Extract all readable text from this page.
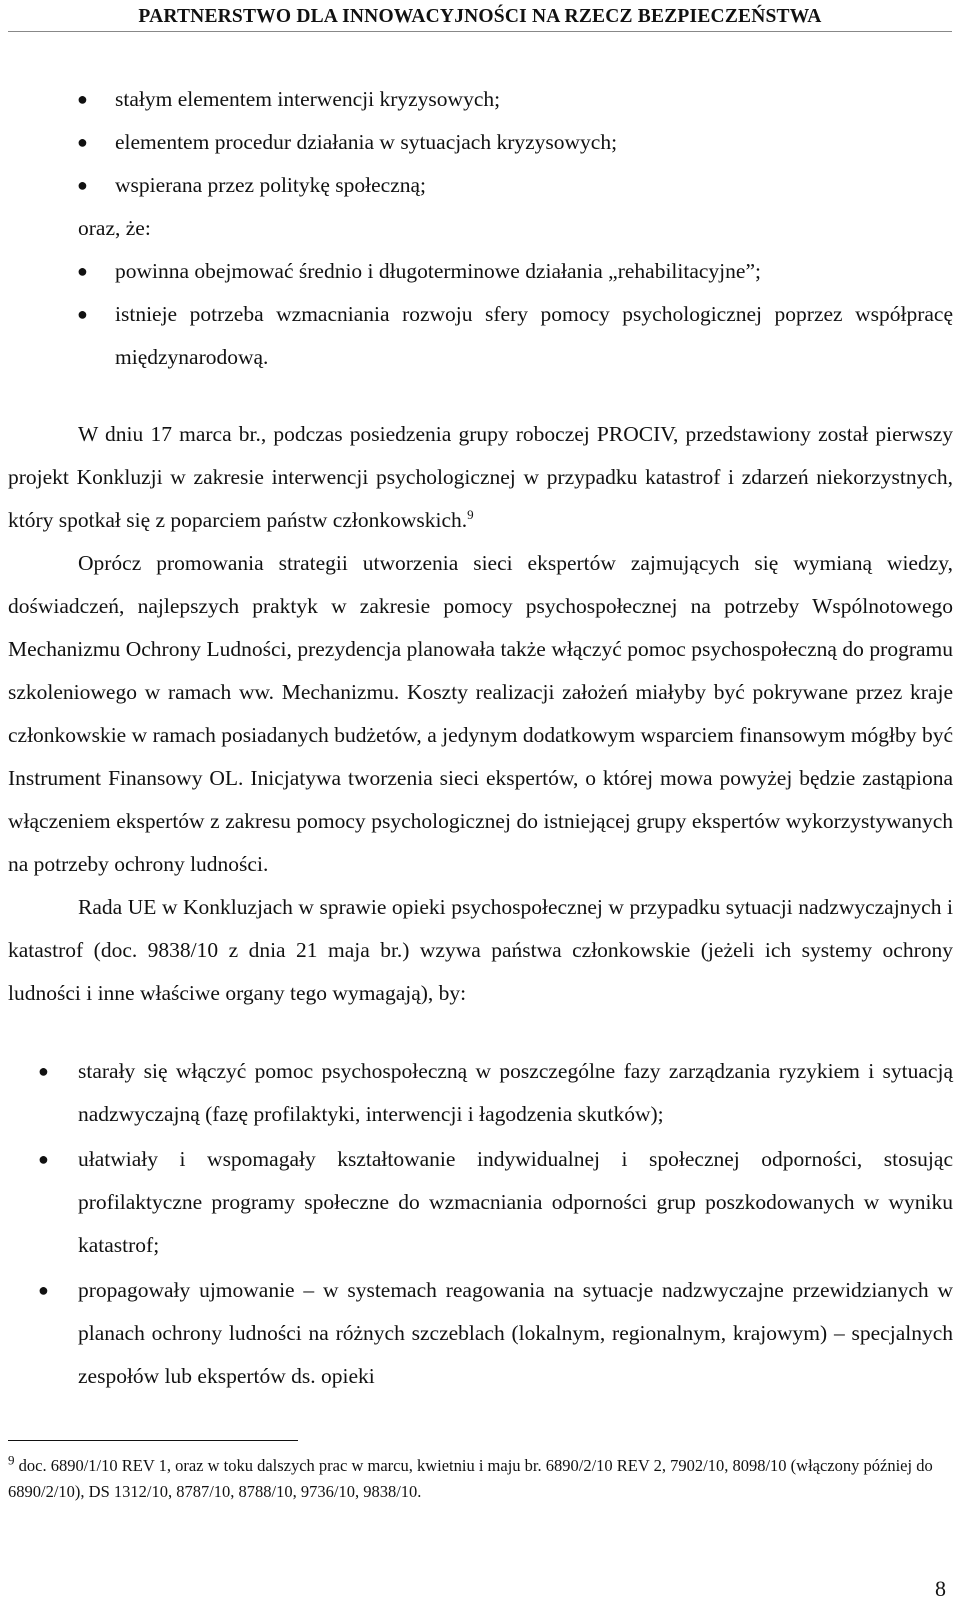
PARTNERSTWO DLA INNOWACYJNOŚCI NA RZECZ BEZPIECZEŃSTWA
● stałym elementem interwencji kryzysowych;
● elementem procedur działania w sytuacjach kryzysowych;
● wspierana przez politykę społeczną;
oraz, że:
● powinna obejmować średnio i długoterminowe działania „rehabilitacyjne”;
● istnieje potrzeba wzmacniania rozwoju sfery pomocy psychologicznej poprzez współpracę międzynarodową.

W dniu 17 marca br., podczas posiedzenia grupy roboczej PROCIV, przedstawiony został pierwszy projekt Konkluzji w zakresie interwencji psychologicznej w przypadku katastrof i zdarzeń niekorzystnych, który spotkał się z poparciem państw członkowskich.$^9$

Oprócz promowania strategii utworzenia sieci ekspertów zajmujących się wymianą wiedzy, doświadczeń, najlepszych praktyk w zakresie pomocy psychospołecznej na potrzeby Wspólnotowego Mechanizmu Ochrony Ludności, prezydencja planowała także włączyć pomoc psychospołeczną do programu szkoleniowego w ramach ww. Mechanizmu. Koszty realizacji założeń miałyby być pokrywane przez kraje członkowskie w ramach posiadanych budżetów, a jedynym dodatkowym wsparciem finansowym mógłby być Instrument Finansowy OL. Inicjatywa tworzenia sieci ekspertów, o której mowa powyżej będzie zastąpiona włączeniem ekspertów z zakresu pomocy psychologicznej do istniejącej grupy ekspertów wykorzystywanych na potrzeby ochrony ludności.

Rada UE w Konkluzjach w sprawie opieki psychospołecznej w przypadku sytuacji nadzwyczajnych i katastrof (doc. 9838/10 z dnia 21 maja br.) wzywa państwa członkowskie (jeżeli ich systemy ochrony ludności i inne właściwe organy tego wymagają), by:

● starały się włączyć pomoc psychospołeczną w poszczególne fazy zarządzania ryzykiem i sytuacją nadzwyczajną (fazę profilaktyki, interwencji i łagodzenia skutków);
● ułatwiały i wspomagały kształtowanie indywidualnej i społecznej odporności, stosując profilaktyczne programy społeczne do wzmacniania odporności grup poszkodowanych w wyniku katastrof;
● propagowały ujmowanie – w systemach reagowania na sytuacje nadzwyczajne przewidzianych w planach ochrony ludności na różnych szczeblach (lokalnym, regionalnym, krajowym) – specjalnych zespołów lub ekspertów ds. opieki
$^9$ doc. 6890/1/10 REV 1, oraz w toku dalszych prac w marcu, kwietniu i maju br. 6890/2/10 REV 2, 7902/10, 8098/10 (włączony później do 6890/2/10), DS 1312/10, 8787/10, 8788/10, 9736/10, 9838/10.
8
